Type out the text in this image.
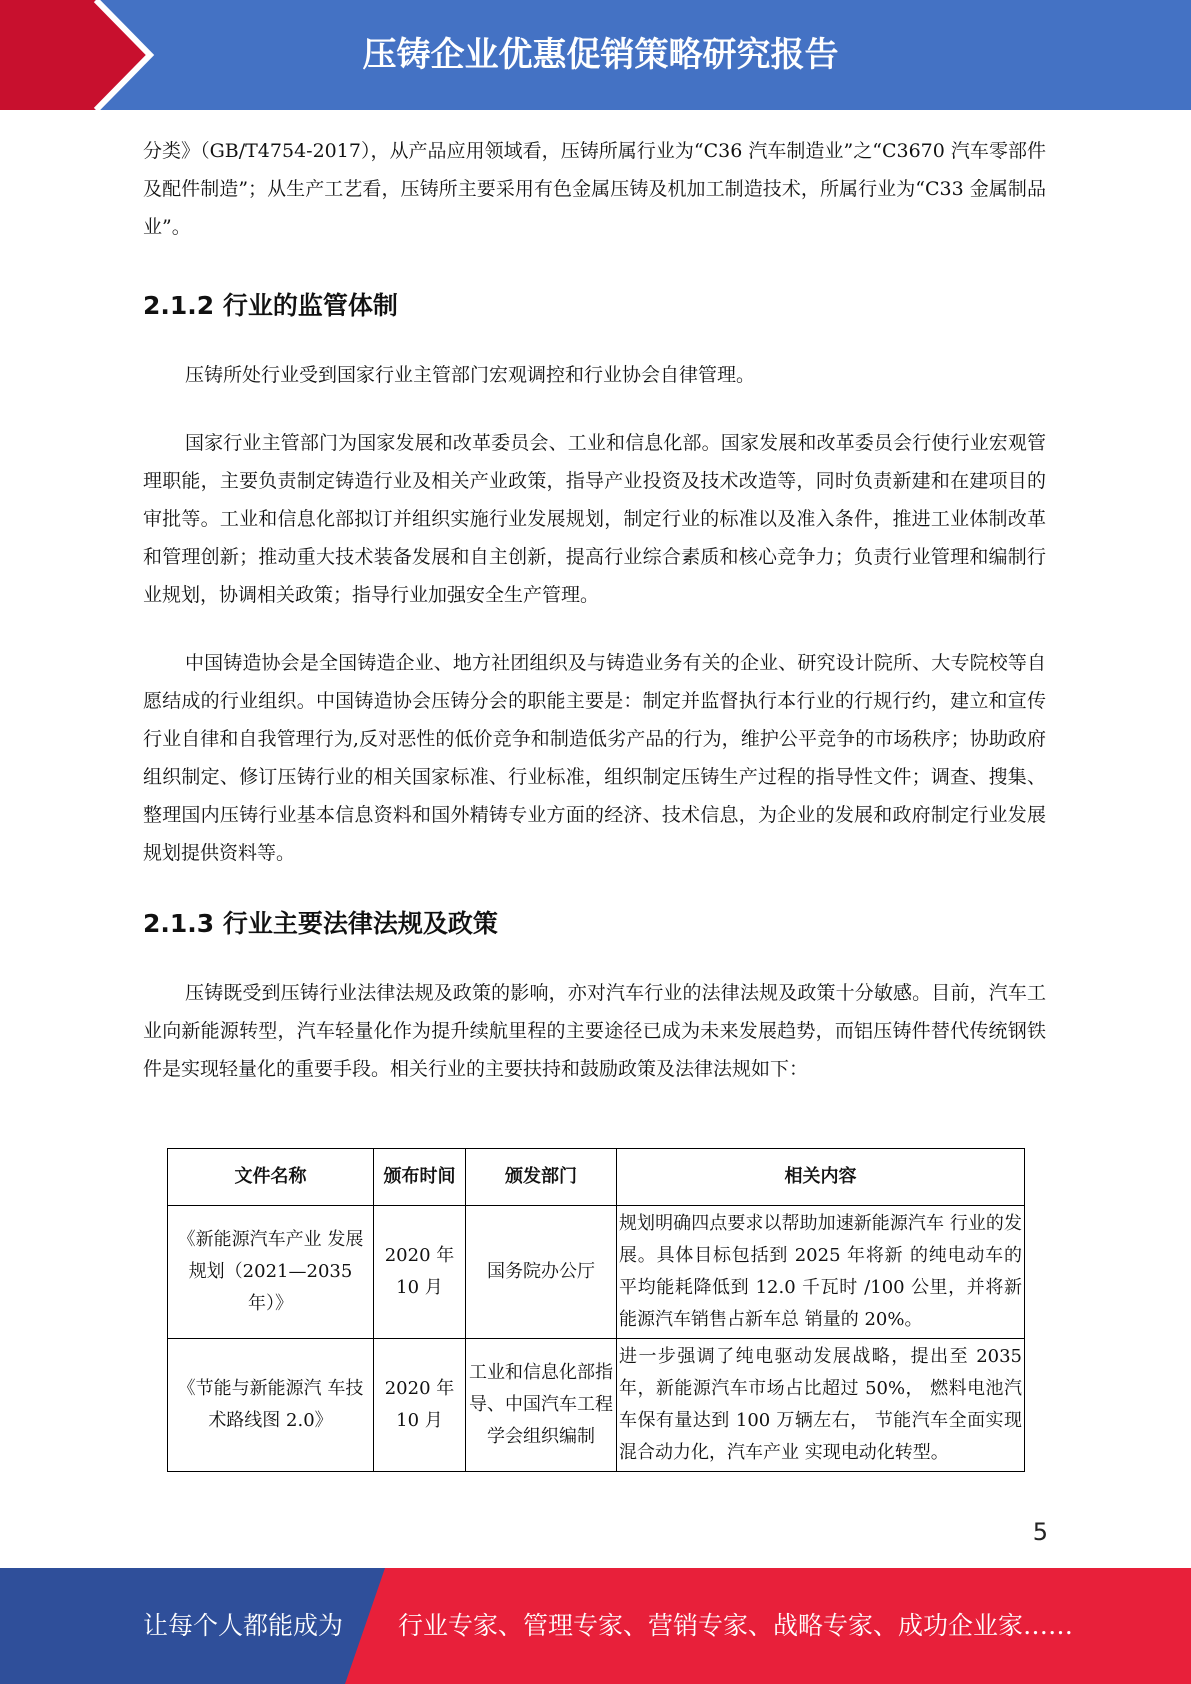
压铸企业优惠促销策略研究报告

分类》（GB/T4754-2017），从产品应用领域看，压铸所属行业为“C36 汽车制造业”之“C3670 汽车零部件及配件制造”；从生产工艺看，压铸所主要采用有色金属压铸及机加工制造技术，所属行业为“C33 金属制品业”。

2.1.2 行业的监管体制

压铸所处行业受到国家行业主管部门宏观调控和行业协会自律管理。

国家行业主管部门为国家发展和改革委员会、工业和信息化部。国家发展和改革委员会行使行业宏观管理职能，主要负责制定铸造行业及相关产业政策，指导产业投资及技术改造等，同时负责新建和在建项目的审批等。工业和信息化部拟订并组织实施行业发展规划，制定行业的标准以及准入条件，推进工业体制改革和管理创新；推动重大技术装备发展和自主创新，提高行业综合素质和核心竞争力；负责行业管理和编制行业规划，协调相关政策；指导行业加强安全生产管理。

中国铸造协会是全国铸造企业、地方社团组织及与铸造业务有关的企业、研究设计院所、大专院校等自愿结成的行业组织。中国铸造协会压铸分会的职能主要是：制定并监督执行本行业的行规行约，建立和宣传行业自律和自我管理行为,反对恶性的低价竞争和制造低劣产品的行为，维护公平竞争的市场秩序；协助政府组织制定、修订压铸行业的相关国家标准、行业标准，组织制定压铸生产过程的指导性文件；调查、搜集、整理国内压铸行业基本信息资料和国外精铸专业方面的经济、技术信息，为企业的发展和政府制定行业发展规划提供资料等。

2.1.3 行业主要法律法规及政策

压铸既受到压铸行业法律法规及政策的影响，亦对汽车行业的法律法规及政策十分敏感。目前，汽车工业向新能源转型，汽车轻量化作为提升续航里程的主要途径已成为未来发展趋势，而铝压铸件替代传统钢铁件是实现轻量化的重要手段。相关行业的主要扶持和鼓励政策及法律法规如下：

文件名称	颁布时间	颁发部门	相关内容
《新能源汽车产业 发展规划（2021—2035 年）》	2020 年 10 月	国务院办公厅	规划明确四点要求以帮助加速新能源汽车 行业的发展。具体目标包括到 2025 年将新 的纯电动车的平均能耗降低到 12.0 千瓦时 /100 公里，并将新能源汽车销售占新车总 销量的 20%。
《节能与新能源汽 车技术路线图 2.0》	2020 年 10 月	工业和信息化部指导、中国汽车工程学会组织编制	进一步强调了纯电驱动发展战略，提出至 2035 年，新能源汽车市场占比超过 50%， 燃料电池汽车保有量达到 100 万辆左右， 节能汽车全面实现混合动力化，汽车产业 实现电动化转型。
5
让每个人都能成为 行业专家、管理专家、营销专家、战略专家、成功企业家……
